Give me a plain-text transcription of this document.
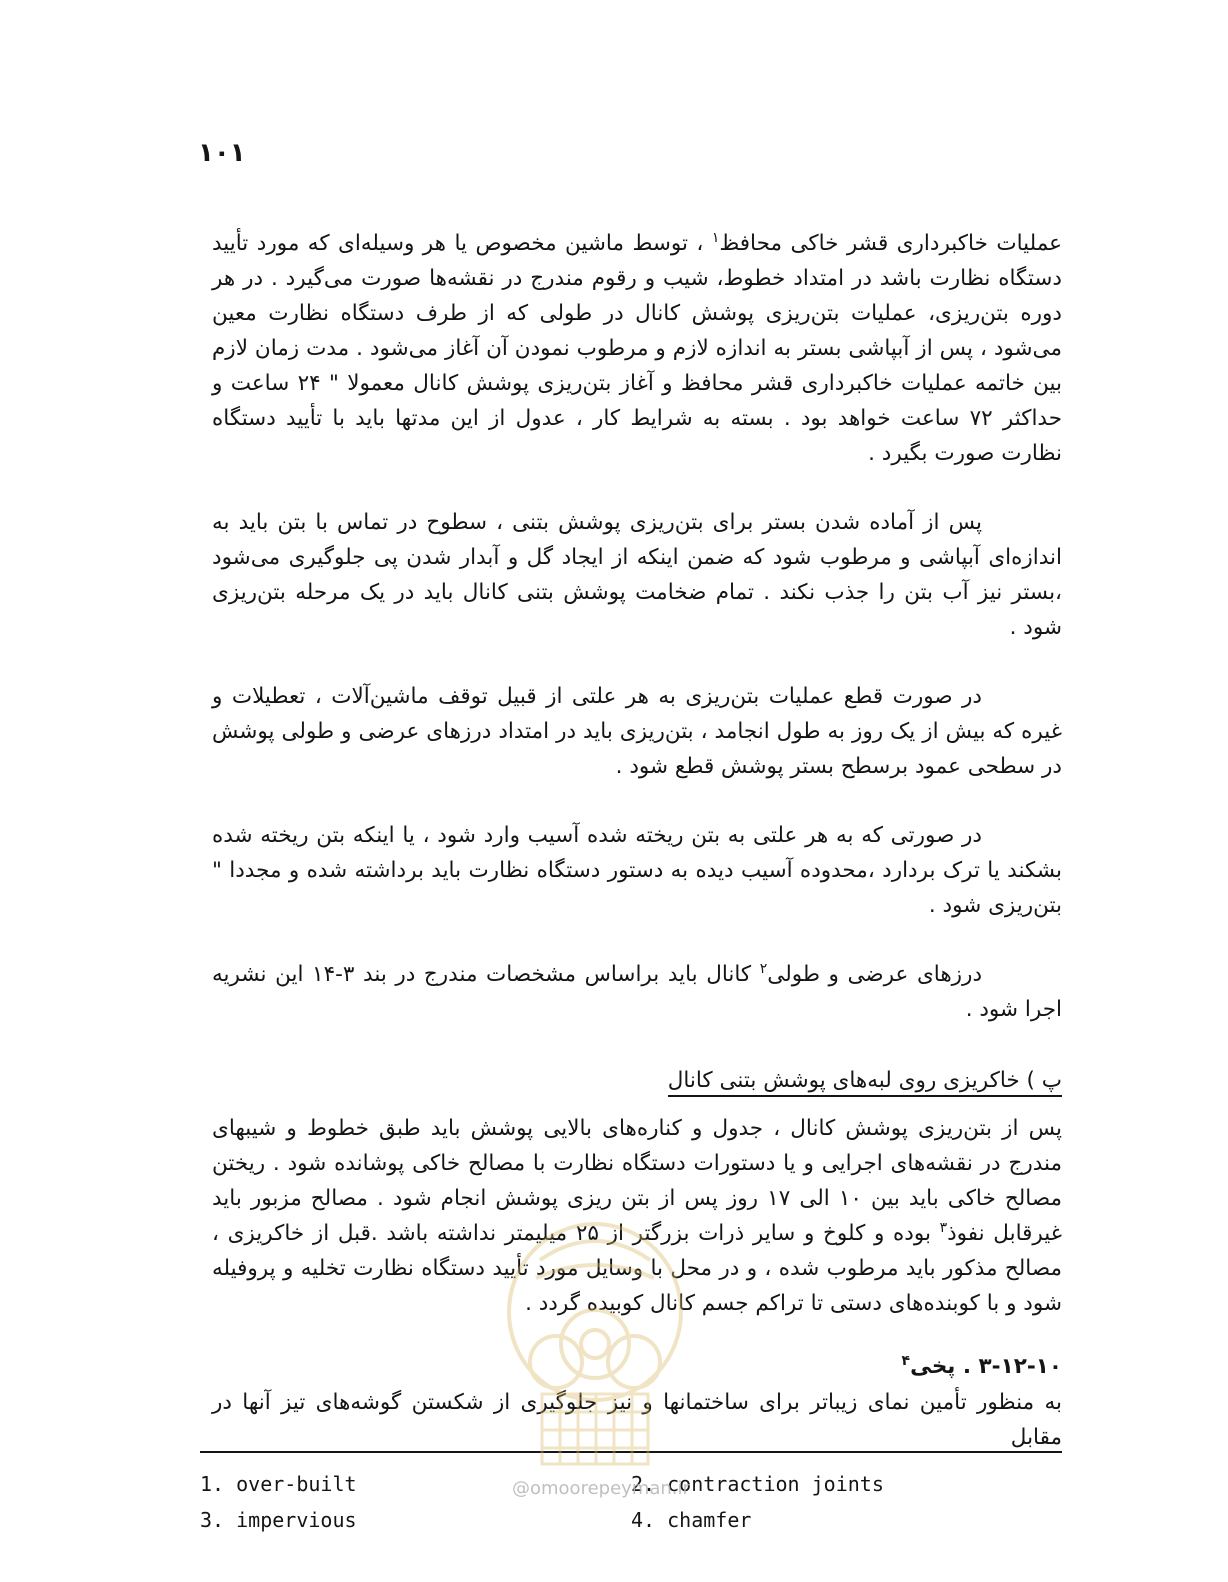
۱۰۱

عملیات خاکبرداری قشر خاکی محافظ$^۱$ ، توسط ماشین مخصوص یا هر وسیله‌ای که مورد تأیید دستگاه نظارت باشد در امتداد خطوط، شیب و رقوم مندرج در نقشه‌ها صورت می‌گیرد . در هر دوره بتن‌ریزی، عملیات بتن‌ریزی پوشش کانال در طولی که از طرف دستگاه نظارت معین می‌شود ، پس از آبپاشی بستر به اندازه لازم و مرطوب نمودن آن آغاز می‌شود . مدت زمان لازم بین خاتمه عملیات خاکبرداری قشر محافظ و آغاز بتن‌ریزی پوشش کانال معمولا " ۲۴ ساعت و حداکثر ۷۲ ساعت خواهد بود . بسته به شرایط کار ، عدول از این مدتها باید با تأیید دستگاه نظارت صورت بگیرد .

پس از آماده شدن بستر برای بتن‌ریزی پوشش بتنی ، سطوح در تماس با بتن باید به اندازه‌ای آبپاشی و مرطوب شود که ضمن اینکه از ایجاد گل و آبدار شدن پی جلوگیری می‌شود ،بستر نیز آب بتن را جذب نکند . تمام ضخامت پوشش بتنی کانال باید در یک مرحله بتن‌ریزی شود .

در صورت قطع عملیات بتن‌ریزی به هر علتی از قبیل توقف ماشین‌آلات ، تعطیلات و غیره که بیش از یک روز به طول انجامد ، بتن‌ریزی باید در امتداد درزهای عرضی و طولی پوشش در سطحی عمود برسطح بستر پوشش قطع شود .

در صورتی که به هر علتی به بتن ریخته شده آسیب وارد شود ، یا اینکه بتن ریخته شده بشکند یا ترک بردارد ،محدوده آسیب دیده به دستور دستگاه نظارت باید برداشته شده و مجددا " بتن‌ریزی شود .

درزهای عرضی و طولی$^۲$ کانال باید براساس مشخصات مندرج در بند ۳-۱۴ این نشریه اجرا شود .

پ ) خاکریزی روی لبه‌های پوشش بتنی کانال

پس از بتن‌ریزی پوشش کانال ، جدول و کناره‌های بالایی پوشش باید طبق خطوط و شیبهای مندرج در نقشه‌های اجرایی و یا دستورات دستگاه نظارت با مصالح خاکی پوشانده شود . ریختن مصالح خاکی باید بین ۱۰ الی ۱۷ روز پس از بتن ریزی پوشش انجام شود . مصالح مزبور باید غیرقابل نفوذ$^۳$ بوده و کلوخ و سایر ذرات بزرگتر از ۲۵ میلیمتر نداشته باشد .قبل از خاکریزی ، مصالح مذکور باید مرطوب شده ، و در محل با وسایل مورد تأیید دستگاه نظارت تخلیه و پروفیله شود و با کوبنده‌های دستی تا تراکم جسم کانال کوبیده گردد .

۳-۱۲-۱۰ . پخی$^۴$

به منظور تأمین نمای زیباتر برای ساختمانها و نیز جلوگیری از شکستن گوشه‌های تیز آنها در مقابل

1. over-built	2. contraction joints
3. impervious	4. chamfer
@omoorepeyman.ir
